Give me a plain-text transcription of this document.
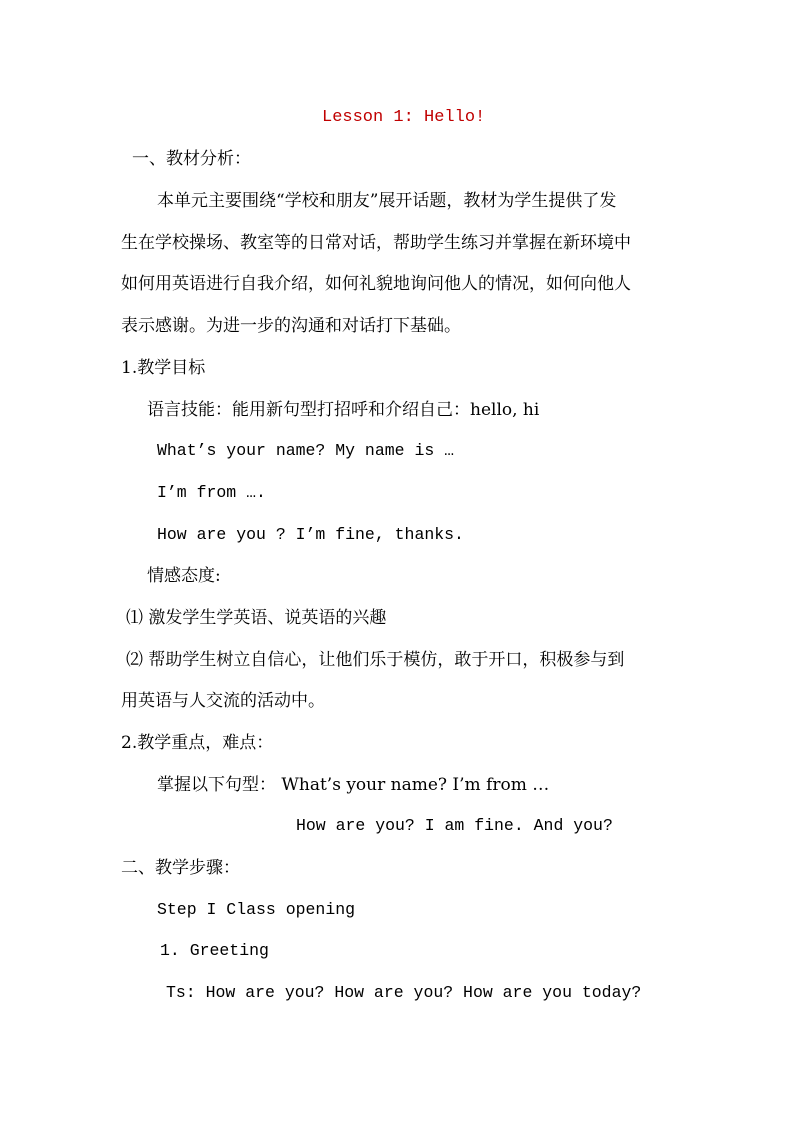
Lesson 1: Hello!
一、教材分析：
本单元主要围绕“学校和朋友”展开话题，教材为学生提供了发
生在学校操场、教室等的日常对话，帮助学生练习并掌握在新环境中
如何用英语进行自我介绍，如何礼貌地询问他人的情况，如何向他人
表示感谢。为进一步的沟通和对话打下基础。
1.教学目标
语言技能：能用新句型打招呼和介绍自己：hello, hi
What’s your name? My name is …
I’m from ….
How are you ? I’m fine, thanks.
情感态度:
⑴ 激发学生学英语、说英语的兴趣
⑵ 帮助学生树立自信心，让他们乐于模仿，敢于开口，积极参与到
用英语与人交流的活动中。
2.教学重点，难点：
掌握以下句型： What’s your name? I’m from …
How are you? I am fine. And you?
二、教学步骤：
Step I Class opening
1. Greeting
Ts: How are you? How are you? How are you today?
